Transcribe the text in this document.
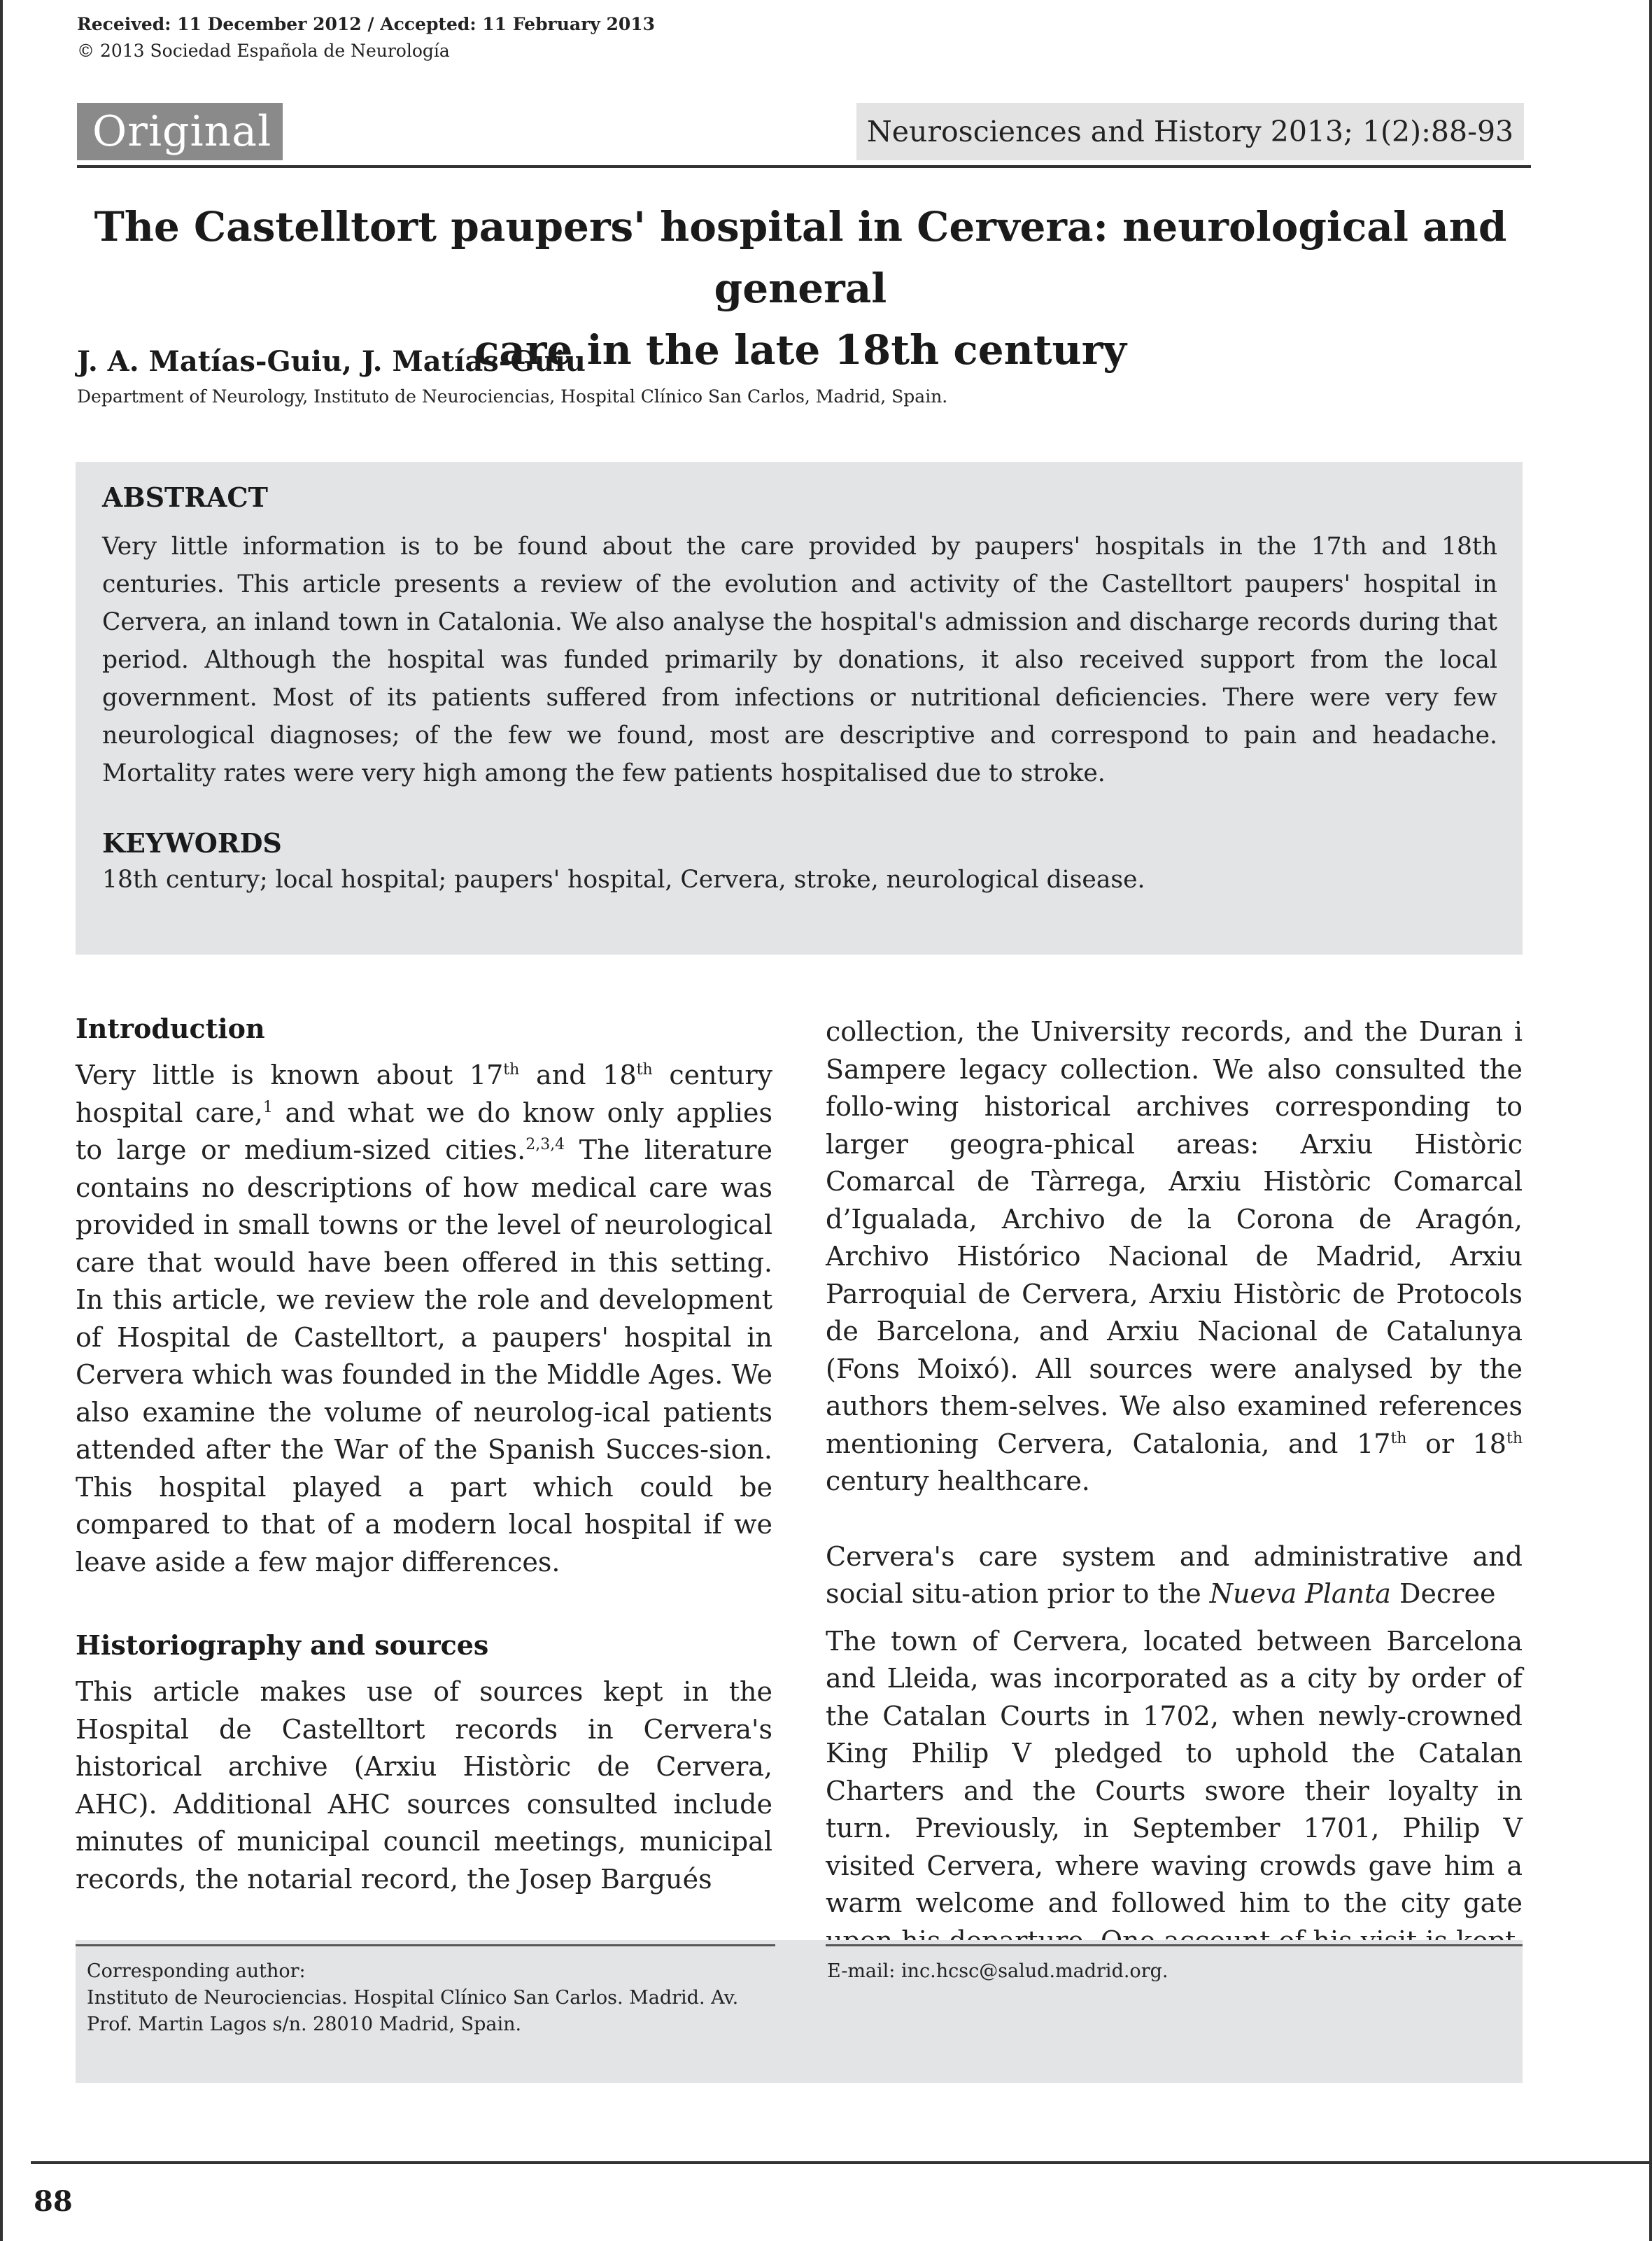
Received: 11 December 2012 / Accepted: 11 February 2013
© 2013 Sociedad Española de Neurología
Original	Neurosciences and History 2013; 1(2):88-93
The Castelltort paupers' hospital in Cervera: neurological and general
care in the late 18th century
J. A. Matías-Guiu, J. Matías-Guiu
Department of Neurology, Instituto de Neurociencias, Hospital Clínico San Carlos, Madrid, Spain.
ABSTRACT

Very little information is to be found about the care provided by paupers' hospitals in the 17th and 18th centuries. This article presents a review of the evolution and activity of the Castelltort paupers' hospital in Cervera, an inland town in Catalonia. We also analyse the hospital's admission and discharge records during that period. Although the hospital was funded primarily by donations, it also received support from the local government. Most of its patients suffered from infections or nutritional deficiencies. There were very few neurological diagnoses; of the few we found, most are descriptive and correspond to pain and headache. Mortality rates were very high among the few patients hospitalised due to stroke.

KEYWORDS

18th century; local hospital; paupers' hospital, Cervera, stroke, neurological disease.

Introduction

Very little is known about 17th and 18th century hospital care,$^1$ and what we do know only applies to large or medium-sized cities.$^{2,3,4}$ The literature contains no descriptions of how medical care was provided in small towns or the level of neurological care that would have been offered in this setting. In this article, we review the role and development of Hospital de Castelltort, a paupers' hospital in Cervera which was founded in the Middle Ages. We also examine the volume of neurolog-ical patients attended after the War of the Spanish Succes-sion. This hospital played a part which could be compared to that of a modern local hospital if we leave aside a few major differences.

Historiography and sources

This article makes use of sources kept in the Hospital de Castelltort records in Cervera's historical archive (Arxiu Històric de Cervera, AHC). Additional AHC sources consulted include minutes of municipal council meetings, municipal records, the notarial record, the Josep Bargués

collection, the University records, and the Duran i Sampere legacy collection. We also consulted the follo-wing historical archives corresponding to larger geogra-phical areas: Arxiu Històric Comarcal de Tàrrega, Arxiu Històric Comarcal d’Igualada, Archivo de la Corona de Aragón, Archivo Histórico Nacional de Madrid, Arxiu Parroquial de Cervera, Arxiu Històric de Protocols de Barcelona, and Arxiu Nacional de Catalunya (Fons Moixó). All sources were analysed by the authors them-selves. We also examined references mentioning Cervera, Catalonia, and 17th or 18th century healthcare.

Cervera's care system and administrative and social situ-ation prior to the Nueva Planta Decree

The town of Cervera, located between Barcelona and Lleida, was incorporated as a city by order of the Catalan Courts in 1702, when newly-crowned King Philip V pledged to uphold the Catalan Charters and the Courts swore their loyalty in turn. Previously, in September 1701, Philip V visited Cervera, where waving crowds gave him a warm welcome and followed him to the city gate

Corresponding author:
Instituto de Neurociencias. Hospital Clínico San Carlos. Madrid. Av. Prof. Martin Lagos s/n. 28010 Madrid, Spain.
E-mail: inc.hcsc@salud.madrid.org.
88
